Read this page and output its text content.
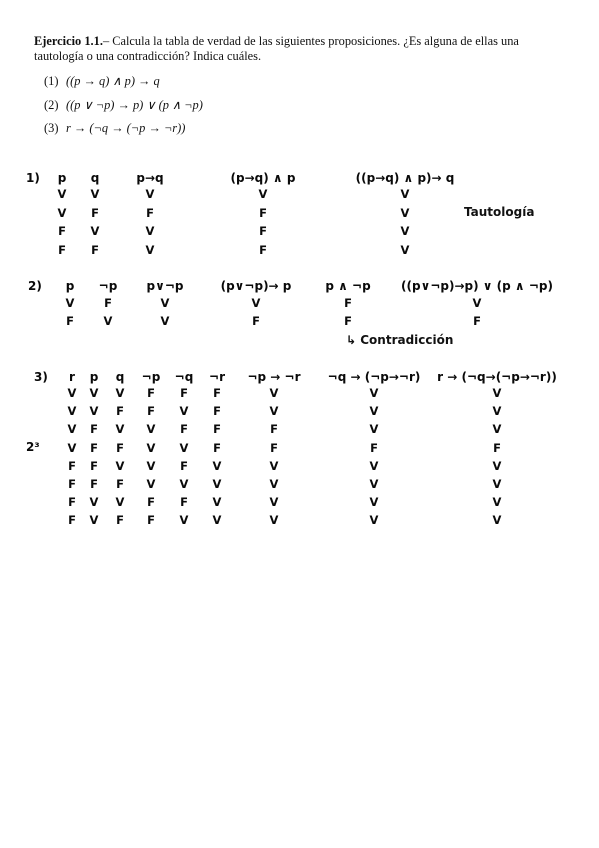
Ejercicio 1.1.– Calcula la tabla de verdad de las siguientes proposiciones. ¿Es alguna de ellas una
tautología o una contradicción? Indica cuáles.
(1) ((p → q) ∧ p) → q
(2) ((p ∨ ¬p) → p) ∨ (p ∧ ¬p)
(3) r → (¬q → (¬p → ¬r))
1) p q	p→q	(p→q) ∧ p	((p→q) ∧ p)→ q
V V	V	V	V
V F	F	F	V
F V	V	F	V
F F	V	F	V
Tautología
2) p ¬p p∨¬p	(p∨¬p)→ p	p ∧ ¬p	((p∨¬p)→p) ∨ (p ∧ ¬p)
V	F	V	V	F	V
F	V	V	F	F	F
↳ Contradicción
3) r p q ¬p ¬q ¬r ¬p → ¬r ¬q → (¬p→¬r) r → (¬q→(¬p→¬r))
V V V F F F	V	V	V
V V F F V F	V	V	V
V F V V F F	F	V	V
V F F V V F	F	F	F
F F V V F V	V	V	V
F F F V V V	V	V	V
F V V F F V	V	V	V
F V F F V V	V	V	V
2³
